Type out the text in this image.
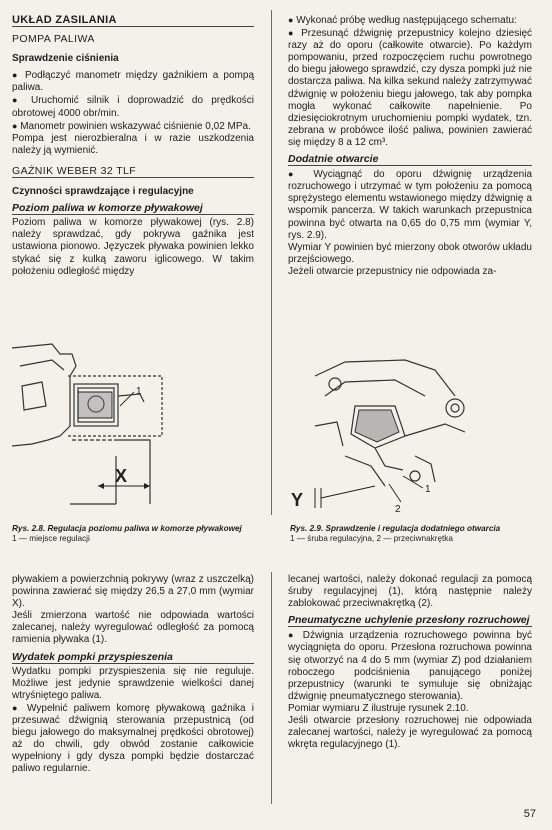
UKŁAD ZASILANIA
POMPA PALIWA
Sprawdzenie ciśnienia

● Podłączyć manometr między gaźnikiem a pompą paliwa.

● Uruchomić silnik i doprowadzić do prędkości obrotowej 4000 obr/min.

● Manometr powinien wskazywać ciśnienie 0,02 MPa.

Pompa jest nierozbieralna i w razie uszkodzenia należy ją wymienić.

GAŹNIK WEBER 32 TLF
Czynności sprawdzające i regulacyjne
Poziom paliwa w komorze pływakowej

Poziom paliwa w komorze pływakowej (rys. 2.8) należy sprawdzać, gdy pokrywa gaźnika jest ustawiona pionowo. Języczek pływaka powinien lekko stykać się z kulką zaworu iglicowego. W takim położeniu odległość między

● Wykonać próbę według następującego schematu:

● Przesunąć dźwignię przepustnicy kolejno dziesięć razy aż do oporu (całkowite otwarcie). Po każdym pompowaniu, przed rozpoczęciem ruchu powrotnego do biegu jałowego sprawdzić, czy dysza pompki już nie dostarcza paliwa. Na kilka sekund należy zatrzymywać dźwignię w położeniu biegu jałowego, tak aby pompka mogła wykonać całkowite napełnienie. Po dziesięciokrotnym uruchomieniu pompki wydatek, tzn. zebrana w probówce ilość paliwa, powinien zawierać się między 8 a 12 cm³.

Dodatnie otwarcie

● Wyciągnąć do oporu dźwignię urządzenia rozruchowego i utrzymać w tym położeniu za pomocą sprężystego elementu wstawionego między dźwignię a wspornik pancerza. W takich warunkach przepustnica powinna być otwarta na 0,65 do 0,75 mm (wymiar Y, rys. 2.9).

Wymiar Y powinien być mierzony obok otworów układu przejściowego.

Jeżeli otwarcie przepustnicy nie odpowiada za-

1
X
Rys. 2.8. Regulacja poziomu paliwa w komorze pływakowej
1 — miejsce regulacji
Y
1
2
Rys. 2.9. Sprawdzenie i regulacja dodatniego otwarcia
1 — śruba regulacyjna, 2 — przeciwnakrętka

pływakiem a powierzchnią pokrywy (wraz z uszczelką) powinna zawierać się między 26,5 a 27,0 mm (wymiar X).

Jeśli zmierzona wartość nie odpowiada wartości zalecanej, należy wyregulować odległość za pomocą ramienia pływaka (1).

Wydatek pompki przyspieszenia

Wydatku pompki przyspieszenia się nie reguluje. Możliwe jest jedynie sprawdzenie wielkości danej wtryśniętego paliwa.

● Wypełnić paliwem komorę pływakową gaźnika i przesuwać dźwignią sterowania przepustnicą (od biegu jałowego do maksymalnej prędkości obrotowej) aż do chwili, gdy obwód zostanie całkowicie wypełniony i gdy dysza pompki będzie dostarczać paliwo regularnie.

lecanej wartości, należy dokonać regulacji za pomocą śruby regulacyjnej (1), którą następnie należy zablokować przeciwnakrętką (2).

Pneumatyczne uchylenie przesłony rozruchowej

● Dźwignia urządzenia rozruchowego powinna być wyciągnięta do oporu. Przesłona rozruchowa powinna się otworzyć na 4 do 5 mm (wymiar Z) pod działaniem roboczego podciśnienia panującego poniżej przepustnicy (warunki te symuluje się obniżając dźwignię pneumatycznego sterowania).

Pomiar wymiaru Z ilustruje rysunek 2.10.

Jeśli otwarcie przesłony rozruchowej nie odpowiada zalecanej wartości, należy je wyregulować za pomocą wkręta regulacyjnego (1).

57
